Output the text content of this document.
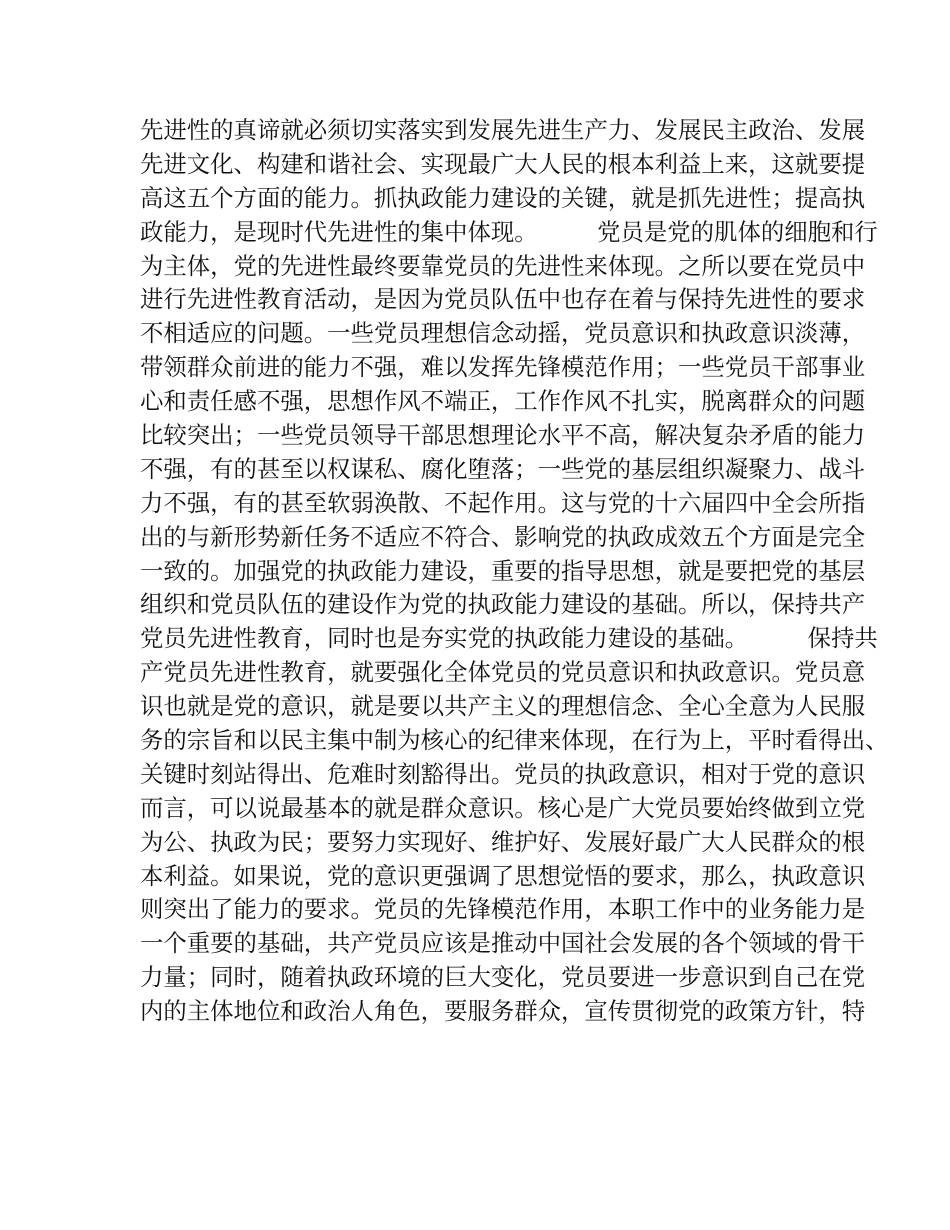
先进性的真谛就必须切实落实到发展先进生产力、发展民主政治、发展
先进文化、构建和谐社会、实现最广大人民的根本利益上来，这就要提
高这五个方面的能力。抓执政能力建设的关键，就是抓先进性；提高执
政能力，是现时代先进性的集中体现。        党员是党的肌体的细胞和行
为主体，党的先进性最终要靠党员的先进性来体现。之所以要在党员中
进行先进性教育活动，是因为党员队伍中也存在着与保持先进性的要求
不相适应的问题。一些党员理想信念动摇，党员意识和执政意识淡薄，
带领群众前进的能力不强，难以发挥先锋模范作用；一些党员干部事业
心和责任感不强，思想作风不端正，工作作风不扎实，脱离群众的问题
比较突出；一些党员领导干部思想理论水平不高，解决复杂矛盾的能力
不强，有的甚至以权谋私、腐化堕落；一些党的基层组织凝聚力、战斗
力不强，有的甚至软弱涣散、不起作用。这与党的十六届四中全会所指
出的与新形势新任务不适应不符合、影响党的执政成效五个方面是完全
一致的。加强党的执政能力建设，重要的指导思想，就是要把党的基层
组织和党员队伍的建设作为党的执政能力建设的基础。所以，保持共产
党员先进性教育，同时也是夯实党的执政能力建设的基础。        保持共
产党员先进性教育，就要强化全体党员的党员意识和执政意识。党员意
识也就是党的意识，就是要以共产主义的理想信念、全心全意为人民服
务的宗旨和以民主集中制为核心的纪律来体现，在行为上，平时看得出、
关键时刻站得出、危难时刻豁得出。党员的执政意识，相对于党的意识
而言，可以说最基本的就是群众意识。核心是广大党员要始终做到立党
为公、执政为民；要努力实现好、维护好、发展好最广大人民群众的根
本利益。如果说，党的意识更强调了思想觉悟的要求，那么，执政意识
则突出了能力的要求。党员的先锋模范作用，本职工作中的业务能力是
一个重要的基础，共产党员应该是推动中国社会发展的各个领域的骨干
力量；同时，随着执政环境的巨大变化，党员要进一步意识到自己在党
内的主体地位和政治人角色，要服务群众，宣传贯彻党的政策方针，特
